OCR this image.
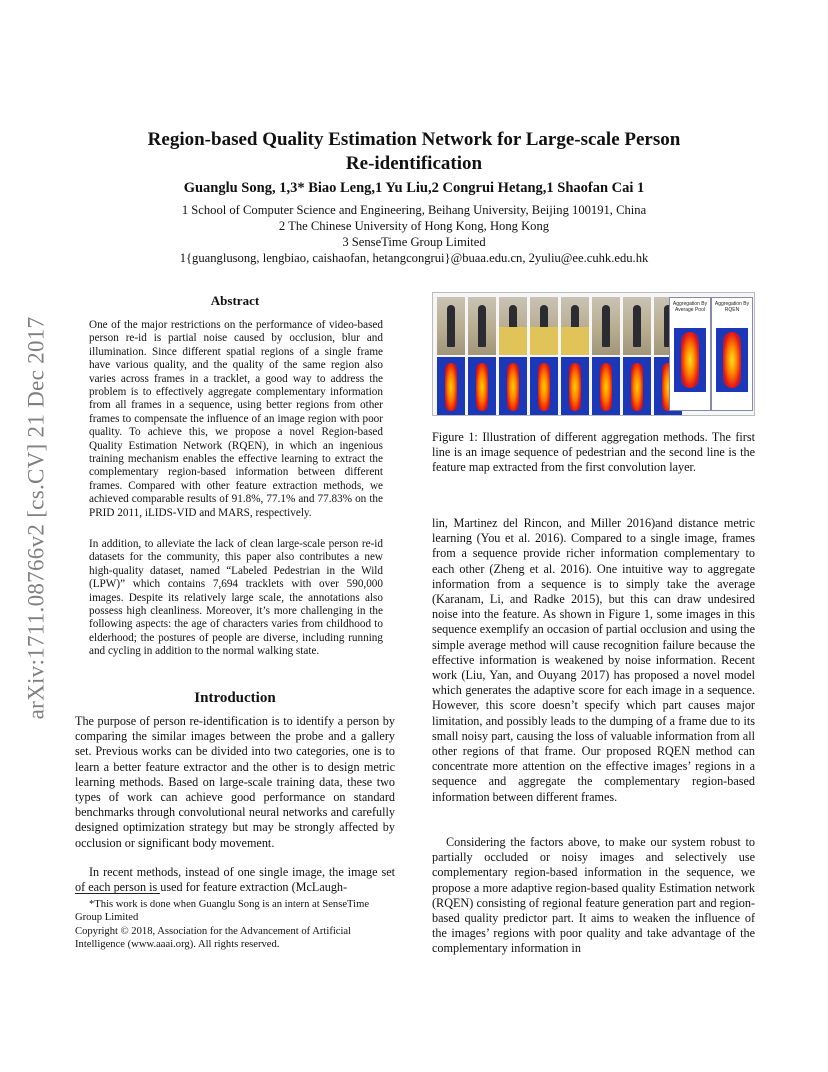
arXiv:1711.08766v2 [cs.CV] 21 Dec 2017
Region-based Quality Estimation Network for Large-scale Person
Re-identification
Guanglu Song, 1,3* Biao Leng,1 Yu Liu,2 Congrui Hetang,1 Shaofan Cai 1
1 School of Computer Science and Engineering, Beihang University, Beijing 100191, China
2 The Chinese University of Hong Kong, Hong Kong
3 SenseTime Group Limited
1{guanglusong, lengbiao, caishaofan, hetangcongrui}@buaa.edu.cn, 2yuliu@ee.cuhk.edu.hk
Abstract
One of the major restrictions on the performance of video-based person re-id is partial noise caused by occlusion, blur and illumination. Since different spatial regions of a single frame have various quality, and the quality of the same region also varies across frames in a tracklet, a good way to address the problem is to effectively aggregate complementary information from all frames in a sequence, using better regions from other frames to compensate the influence of an image region with poor quality. To achieve this, we propose a novel Region-based Quality Estimation Network (RQEN), in which an ingenious training mechanism enables the effective learning to extract the complementary region-based information between different frames. Compared with other feature extraction methods, we achieved comparable results of 91.8%, 77.1% and 77.83% on the PRID 2011, iLIDS-VID and MARS, respectively.
In addition, to alleviate the lack of clean large-scale person re-id datasets for the community, this paper also contributes a new high-quality dataset, named “Labeled Pedestrian in the Wild (LPW)” which contains 7,694 tracklets with over 590,000 images. Despite its relatively large scale, the annotations also possess high cleanliness. Moreover, it’s more challenging in the following aspects: the age of characters varies from childhood to elderhood; the postures of people are diverse, including running and cycling in addition to the normal walking state.
Introduction
The purpose of person re-identification is to identify a person by comparing the similar images between the probe and a gallery set. Previous works can be divided into two categories, one is to learn a better feature extractor and the other is to design metric learning methods. Based on large-scale training data, these two types of work can achieve good performance on standard benchmarks through convolutional neural networks and carefully designed optimization strategy but may be strongly affected by occlusion or significant body movement.
In recent methods, instead of one single image, the image set of each person is used for feature extraction (McLaugh-
*This work is done when Guanglu Song is an intern at SenseTime Group Limited
Copyright © 2018, Association for the Advancement of Artificial Intelligence (www.aaai.org). All rights reserved.
Aggregation By Average Pool
Aggregation By RQEN
Figure 1: Illustration of different aggregation methods. The first line is an image sequence of pedestrian and the second line is the feature map extracted from the first convolution layer.
lin, Martinez del Rincon, and Miller 2016)and distance metric learning (You et al. 2016). Compared to a single image, frames from a sequence provide richer information complementary to each other (Zheng et al. 2016). One intuitive way to aggregate information from a sequence is to simply take the average (Karanam, Li, and Radke 2015), but this can draw undesired noise into the feature. As shown in Figure 1, some images in this sequence exemplify an occasion of partial occlusion and using the simple average method will cause recognition failure because the effective information is weakened by noise information. Recent work (Liu, Yan, and Ouyang 2017) has proposed a novel model which generates the adaptive score for each image in a sequence. However, this score doesn’t specify which part causes major limitation, and possibly leads to the dumping of a frame due to its small noisy part, causing the loss of valuable information from all other regions of that frame. Our proposed RQEN method can concentrate more attention on the effective images’ regions in a sequence and aggregate the complementary region-based information between different frames.
Considering the factors above, to make our system robust to partially occluded or noisy images and selectively use complementary region-based information in the sequence, we propose a more adaptive region-based quality Estimation network (RQEN) consisting of regional feature generation part and region-based quality predictor part. It aims to weaken the influence of the images’ regions with poor quality and take advantage of the complementary information in
